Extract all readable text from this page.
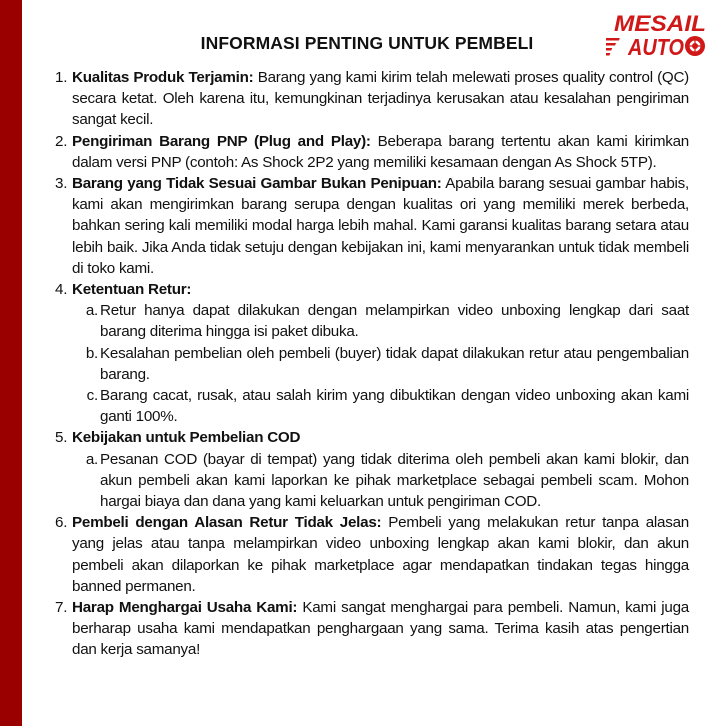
INFORMASI PENTING UNTUK PEMBELI
MESAIL
AUTO
1. Kualitas Produk Terjamin: Barang yang kami kirim telah melewati proses quality control (QC) secara ketat. Oleh karena itu, kemungkinan terjadinya kerusakan atau kesalahan pengiriman sangat kecil.
2. Pengiriman Barang PNP (Plug and Play): Beberapa barang tertentu akan kami kirimkan dalam versi PNP (contoh: As Shock 2P2 yang memiliki kesamaan dengan As Shock 5TP).
3. Barang yang Tidak Sesuai Gambar Bukan Penipuan: Apabila barang sesuai gambar habis, kami akan mengirimkan barang serupa dengan kualitas ori yang memiliki merek berbeda, bahkan sering kali memiliki modal harga lebih mahal. Kami garansi kualitas barang setara atau lebih baik. Jika Anda tidak setuju dengan kebijakan ini, kami menyarankan untuk tidak membeli di toko kami.
4. Ketentuan Retur:
a. Retur hanya dapat dilakukan dengan melampirkan video unboxing lengkap dari saat barang diterima hingga isi paket dibuka.
b. Kesalahan pembelian oleh pembeli (buyer) tidak dapat dilakukan retur atau pengembalian barang.
c. Barang cacat, rusak, atau salah kirim yang dibuktikan dengan video unboxing akan kami ganti 100%.
5. Kebijakan untuk Pembelian COD
a. Pesanan COD (bayar di tempat) yang tidak diterima oleh pembeli akan kami blokir, dan akun pembeli akan kami laporkan ke pihak marketplace sebagai pembeli scam. Mohon hargai biaya dan dana yang kami keluarkan untuk pengiriman COD.
6. Pembeli dengan Alasan Retur Tidak Jelas: Pembeli yang melakukan retur tanpa alasan yang jelas atau tanpa melampirkan video unboxing lengkap akan kami blokir, dan akun pembeli akan dilaporkan ke pihak marketplace agar mendapatkan tindakan tegas hingga banned permanen.
7. Harap Menghargai Usaha Kami: Kami sangat menghargai para pembeli. Namun, kami juga berharap usaha kami mendapatkan penghargaan yang sama. Terima kasih atas pengertian dan kerja samanya!
